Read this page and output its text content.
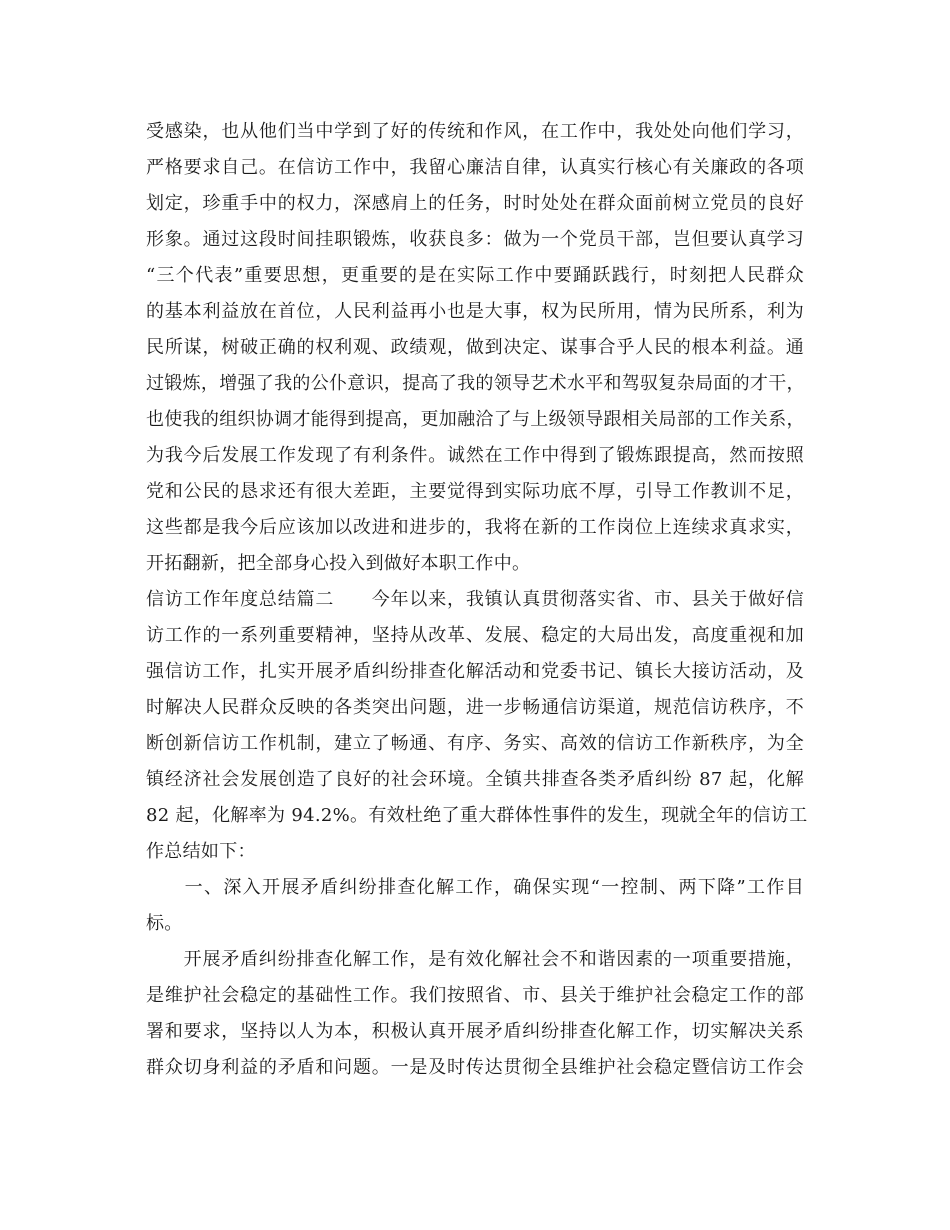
受感染，也从他们当中学到了好的传统和作风，在工作中，我处处向他们学习，
严格要求自己。在信访工作中，我留心廉洁自律，认真实行核心有关廉政的各项
划定，珍重手中的权力，深感肩上的任务，时时处处在群众面前树立党员的良好
形象。通过这段时间挂职锻炼，收获良多：做为一个党员干部，岂但要认真学习
“三个代表”重要思想，更重要的是在实际工作中要踊跃践行，时刻把人民群众
的基本利益放在首位，人民利益再小也是大事，权为民所用，情为民所系，利为
民所谋，树破正确的权利观、政绩观，做到决定、谋事合乎人民的根本利益。通
过锻炼，增强了我的公仆意识，提高了我的领导艺术水平和驾驭复杂局面的才干，
也使我的组织协调才能得到提高，更加融洽了与上级领导跟相关局部的工作关系，
为我今后发展工作发现了有利条件。诚然在工作中得到了锻炼跟提高，然而按照
党和公民的恳求还有很大差距，主要觉得到实际功底不厚，引导工作教训不足，
这些都是我今后应该加以改进和进步的，我将在新的工作岗位上连续求真求实，
开拓翻新，把全部身心投入到做好本职工作中。
信访工作年度总结篇二　　今年以来，我镇认真贯彻落实省、市、县关于做好信
访工作的一系列重要精神，坚持从改革、发展、稳定的大局出发，高度重视和加
强信访工作，扎实开展矛盾纠纷排查化解活动和党委书记、镇长大接访活动，及
时解决人民群众反映的各类突出问题，进一步畅通信访渠道，规范信访秩序，不
断创新信访工作机制，建立了畅通、有序、务实、高效的信访工作新秩序，为全
镇经济社会发展创造了良好的社会环境。全镇共排查各类矛盾纠纷 87 起，化解
82 起，化解率为 94.2%。有效杜绝了重大群体性事件的发生，现就全年的信访工
作总结如下：
　　一、深入开展矛盾纠纷排查化解工作，确保实现“一控制、两下降”工作目
标。
　　开展矛盾纠纷排查化解工作，是有效化解社会不和谐因素的一项重要措施，
是维护社会稳定的基础性工作。我们按照省、市、县关于维护社会稳定工作的部
署和要求，坚持以人为本，积极认真开展矛盾纠纷排查化解工作，切实解决关系
群众切身利益的矛盾和问题。一是及时传达贯彻全县维护社会稳定暨信访工作会
